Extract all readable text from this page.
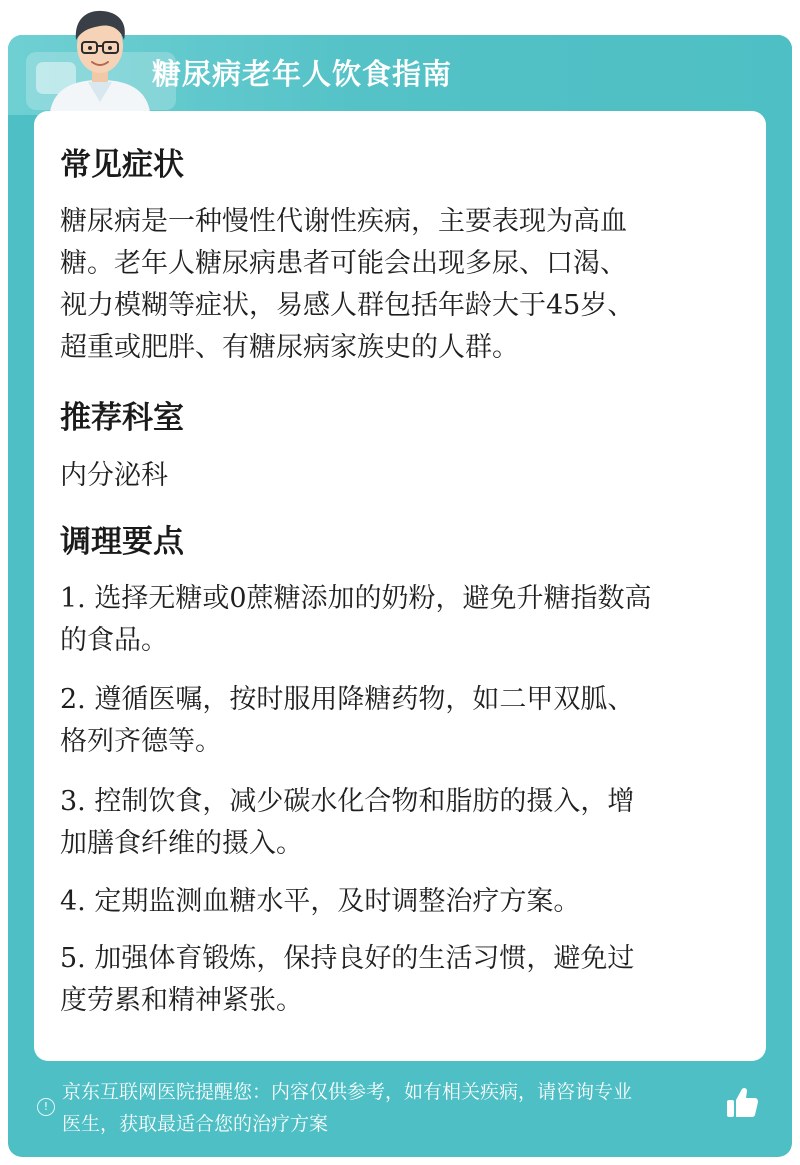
糖尿病老年人饮食指南
常见症状
糖尿病是一种慢性代谢性疾病，主要表现为高血
糖。老年人糖尿病患者可能会出现多尿、口渴、
视力模糊等症状，易感人群包括年龄大于45岁、
超重或肥胖、有糖尿病家族史的人群。
推荐科室
内分泌科
调理要点
1. 选择无糖或0蔗糖添加的奶粉，避免升糖指数高
的食品。
2. 遵循医嘱，按时服用降糖药物，如二甲双胍、
格列齐德等。
3. 控制饮食，减少碳水化合物和脂肪的摄入，增
加膳食纤维的摄入。
4. 定期监测血糖水平，及时调整治疗方案。
5. 加强体育锻炼，保持良好的生活习惯，避免过
度劳累和精神紧张。
!
京东互联网医院提醒您：内容仅供参考，如有相关疾病，请咨询专业
医生，获取最适合您的治疗方案
